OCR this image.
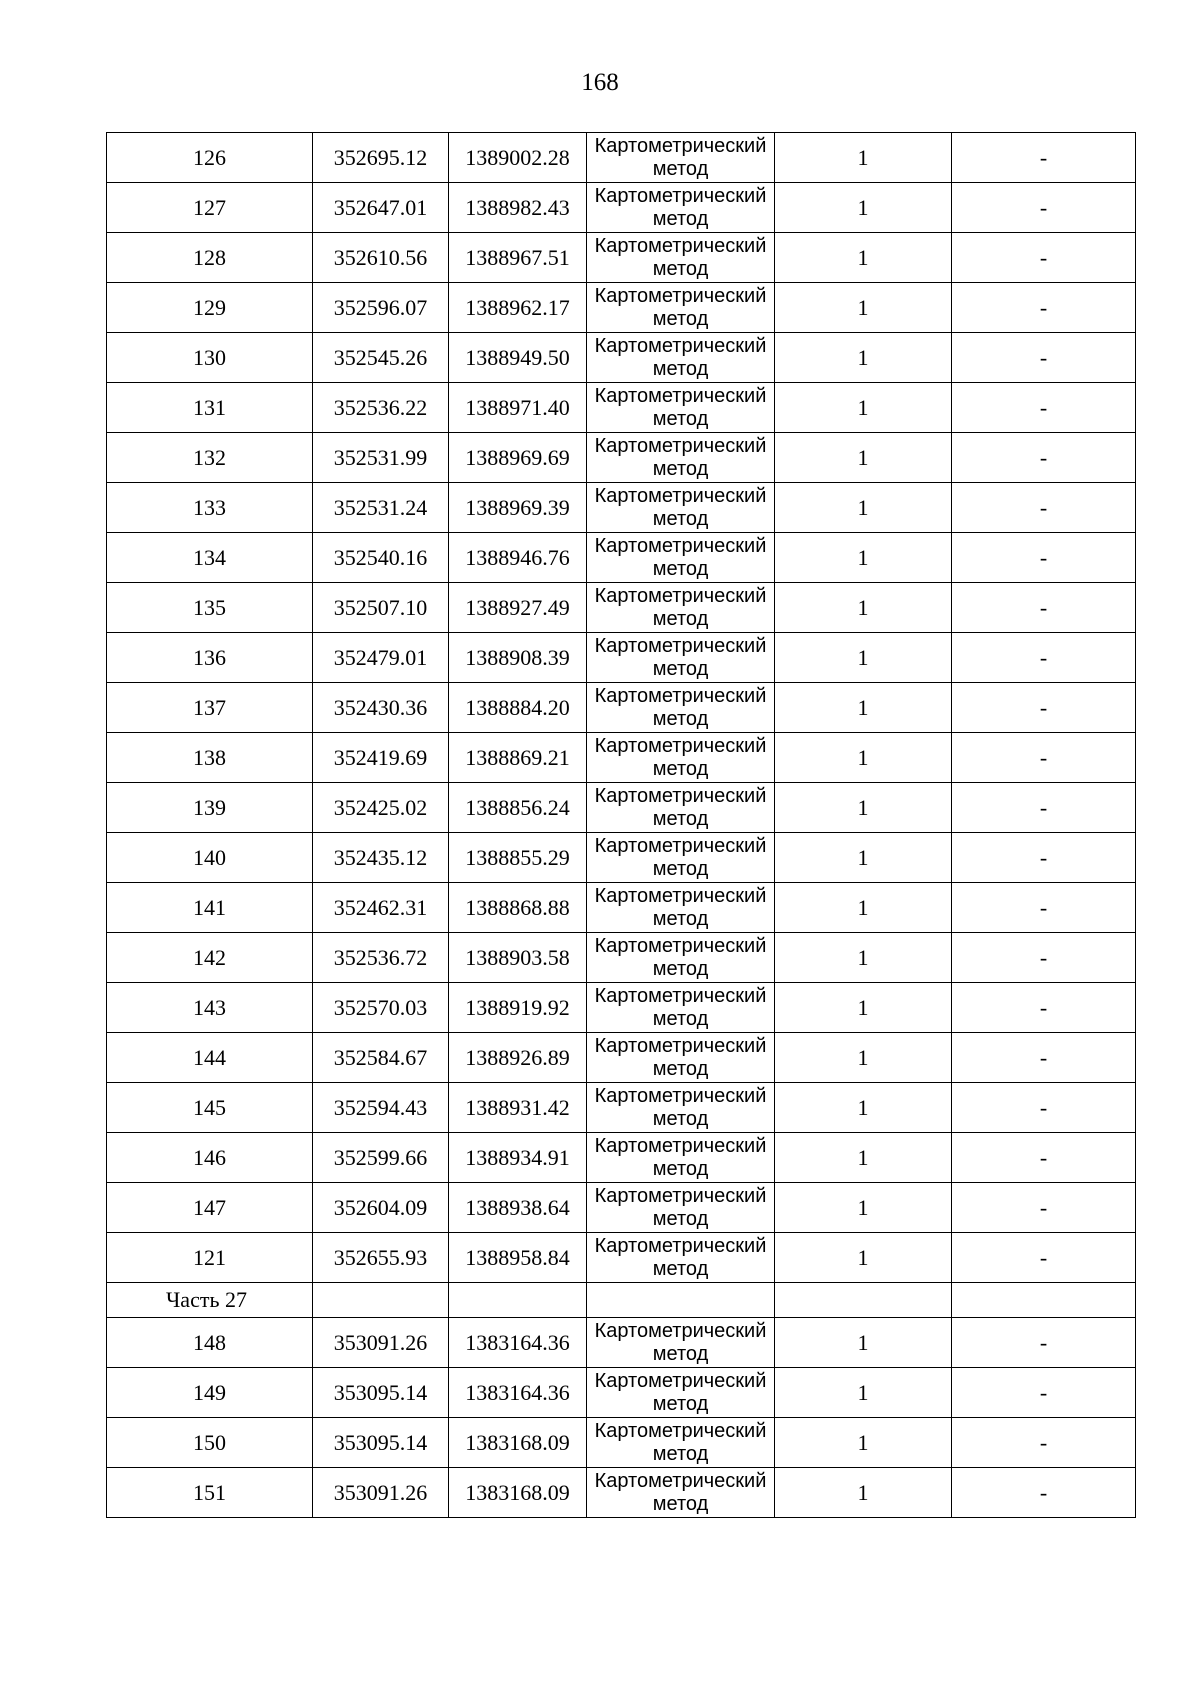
168
126	352695.12	1389002.28	Картометрический метод	1	-
127	352647.01	1388982.43	Картометрический метод	1	-
128	352610.56	1388967.51	Картометрический метод	1	-
129	352596.07	1388962.17	Картометрический метод	1	-
130	352545.26	1388949.50	Картометрический метод	1	-
131	352536.22	1388971.40	Картометрический метод	1	-
132	352531.99	1388969.69	Картометрический метод	1	-
133	352531.24	1388969.39	Картометрический метод	1	-
134	352540.16	1388946.76	Картометрический метод	1	-
135	352507.10	1388927.49	Картометрический метод	1	-
136	352479.01	1388908.39	Картометрический метод	1	-
137	352430.36	1388884.20	Картометрический метод	1	-
138	352419.69	1388869.21	Картометрический метод	1	-
139	352425.02	1388856.24	Картометрический метод	1	-
140	352435.12	1388855.29	Картометрический метод	1	-
141	352462.31	1388868.88	Картометрический метод	1	-
142	352536.72	1388903.58	Картометрический метод	1	-
143	352570.03	1388919.92	Картометрический метод	1	-
144	352584.67	1388926.89	Картометрический метод	1	-
145	352594.43	1388931.42	Картометрический метод	1	-
146	352599.66	1388934.91	Картометрический метод	1	-
147	352604.09	1388938.64	Картометрический метод	1	-
121	352655.93	1388958.84	Картометрический метод	1	-
Часть 27					
148	353091.26	1383164.36	Картометрический метод	1	-
149	353095.14	1383164.36	Картометрический метод	1	-
150	353095.14	1383168.09	Картометрический метод	1	-
151	353091.26	1383168.09	Картометрический метод	1	-
